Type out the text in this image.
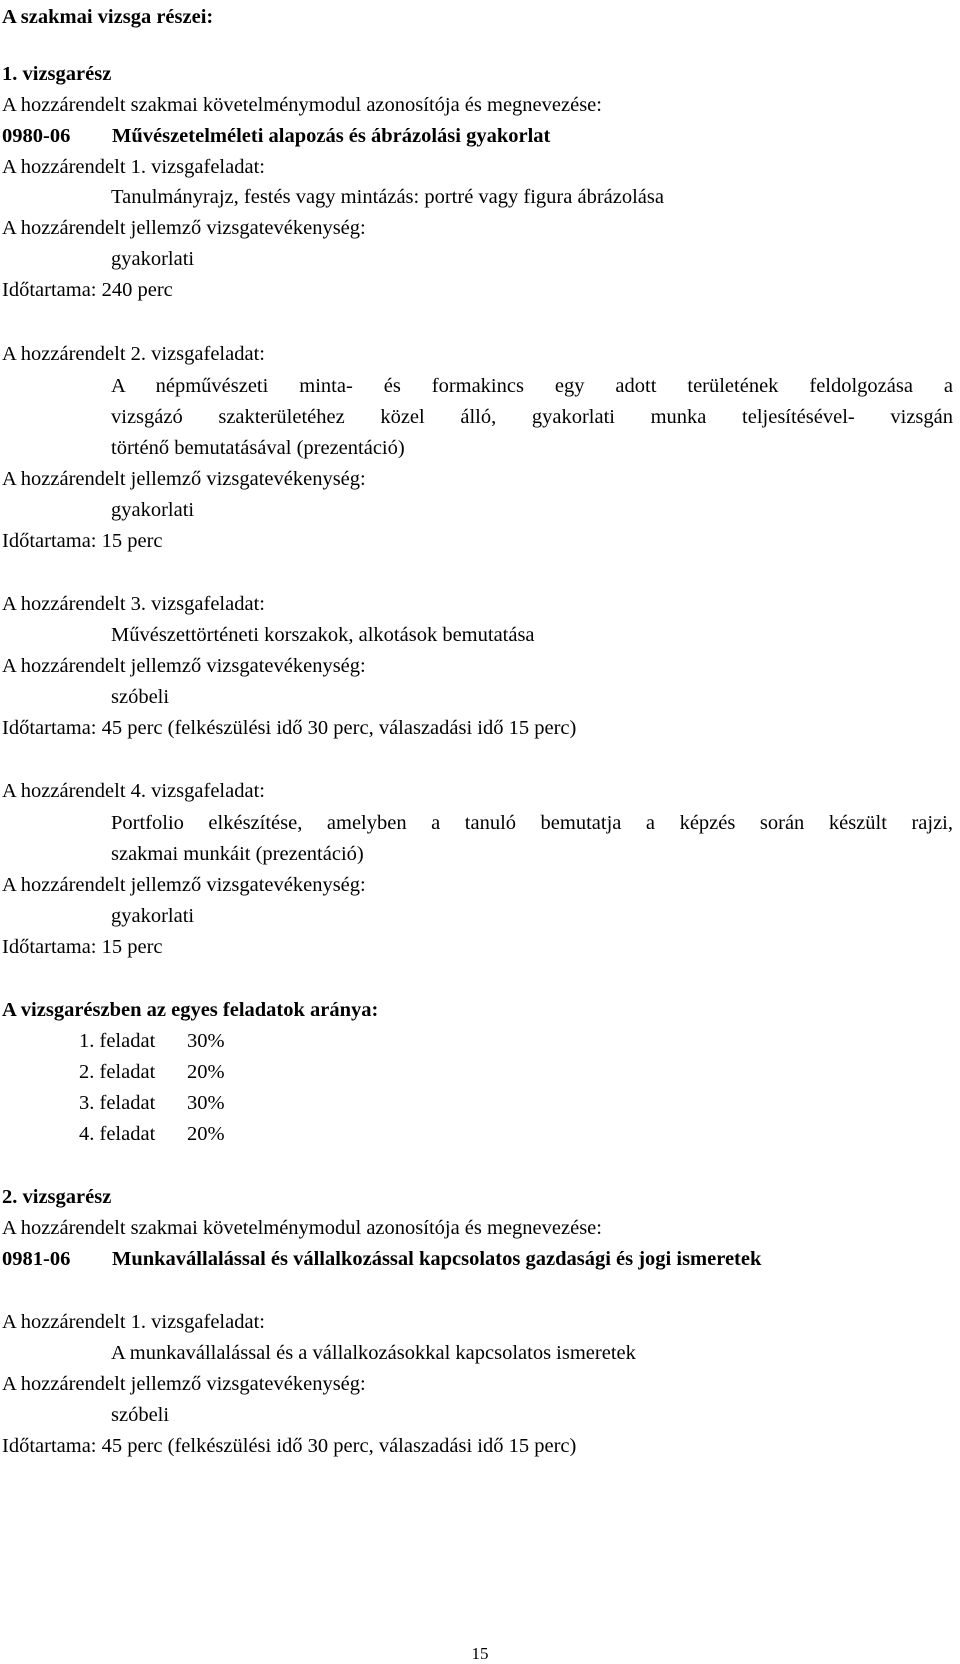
A szakmai vizsga részei:
1. vizsgarész
A hozzárendelt szakmai követelménymodul azonosítója és megnevezése:
0980-06 Művészetelméleti alapozás és ábrázolási gyakorlat
A hozzárendelt 1. vizsgafeladat:
Tanulmányrajz, festés vagy mintázás: portré vagy figura ábrázolása
A hozzárendelt jellemző vizsgatevékenység:
gyakorlati
Időtartama: 240 perc
A hozzárendelt 2. vizsgafeladat:
A népművészeti minta- és formakincs egy adott területének feldolgozása a
vizsgázó szakterületéhez közel álló, gyakorlati munka teljesítésével- vizsgán
történő bemutatásával (prezentáció)
A hozzárendelt jellemző vizsgatevékenység:
gyakorlati
Időtartama: 15 perc
A hozzárendelt 3. vizsgafeladat:
Művészettörténeti korszakok, alkotások bemutatása
A hozzárendelt jellemző vizsgatevékenység:
szóbeli
Időtartama: 45 perc (felkészülési idő 30 perc, válaszadási idő 15 perc)
A hozzárendelt 4. vizsgafeladat:
Portfolio elkészítése, amelyben a tanuló bemutatja a képzés során készült rajzi,
szakmai munkáit (prezentáció)
A hozzárendelt jellemző vizsgatevékenység:
gyakorlati
Időtartama: 15 perc
A vizsgarészben az egyes feladatok aránya:
1. feladat 30%
2. feladat 20%
3. feladat 30%
4. feladat 20%
2. vizsgarész
A hozzárendelt szakmai követelménymodul azonosítója és megnevezése:
0981-06 Munkavállalással és vállalkozással kapcsolatos gazdasági és jogi ismeretek
A hozzárendelt 1. vizsgafeladat:
A munkavállalással és a vállalkozásokkal kapcsolatos ismeretek
A hozzárendelt jellemző vizsgatevékenység:
szóbeli
Időtartama: 45 perc (felkészülési idő 30 perc, válaszadási idő 15 perc)
15
